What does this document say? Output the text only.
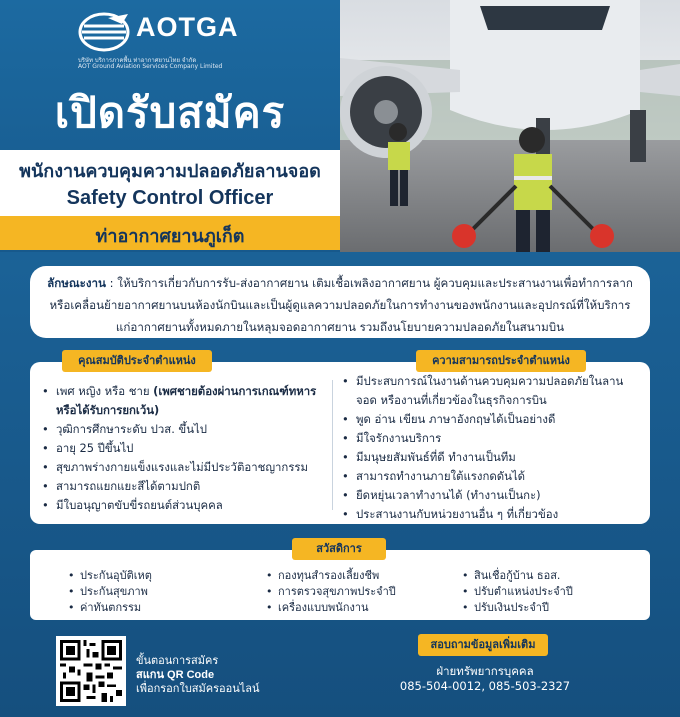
AOTGA
บริษัท บริการภาคพื้น ท่าอากาศยานไทย จำกัด
AOT Ground Aviation Services Company Limited
เปิดรับสมัคร
พนักงานควบคุมความปลอดภัยลานจอด
Safety Control Officer
ท่าอากาศยานภูเก็ต
ลักษณะงาน : ให้บริการเกี่ยวกับการรับ-ส่งอากาศยาน เติมเชื้อเพลิงอากาศยาน ผู้ควบคุมและประสานงานเพื่อทำการลากหรือเคลื่อนย้ายอากาศยานบนห้องนักบินและเป็นผู้ดูแลความปลอดภัยในการทำงานของพนักงานและอุปกรณ์ที่ให้บริการแก่อากาศยานทั้งหมดภายในหลุมจอดอากาศยาน รวมถึงนโยบายความปลอดภัยในสนามบิน
คุณสมบัติประจำตำแหน่ง	ความสามารถประจำตำแหน่ง
• เพศ หญิง หรือ ชาย (เพศชายต้องผ่านการเกณฑ์ทหารหรือได้รับการยกเว้น)
• วุฒิการศึกษาระดับ ปวส. ขึ้นไป
• อายุ 25 ปีขึ้นไป
• สุขภาพร่างกายแข็งแรงและไม่มีประวัติอาชญากรรม
• สามารถแยกแยะสีได้ตามปกติ
• มีใบอนุญาตขับขี่รถยนต์ส่วนบุคคล
• มีประสบการณ์ในงานด้านควบคุมความปลอดภัยในลานจอด หรืองานที่เกี่ยวข้องในธุรกิจการบิน
• พูด อ่าน เขียน ภาษาอังกฤษได้เป็นอย่างดี
• มีใจรักงานบริการ
• มีมนุษยสัมพันธ์ที่ดี ทำงานเป็นทีม
• สามารถทำงานภายใต้แรงกดดันได้
• ยืดหยุ่นเวลาทำงานได้ (ทำงานเป็นกะ)
• ประสานงานกับหน่วยงานอื่น ๆ ที่เกี่ยวข้อง
สวัสดิการ
• ประกันอุบัติเหตุ
• ประกันสุขภาพ
• ค่าทันตกรรม
• กองทุนสำรองเลี้ยงชีพ
• การตรวจสุขภาพประจำปี
• เครื่องแบบพนักงาน
• สินเชื่อกู้บ้าน ธอส.
• ปรับตำแหน่งประจำปี
• ปรับเงินประจำปี
ขั้นตอนการสมัคร
สแกน QR Code
เพื่อกรอกใบสมัครออนไลน์
สอบถามข้อมูลเพิ่มเติม
ฝ่ายทรัพยากรบุคคล
085-504-0012, 085-503-2327
